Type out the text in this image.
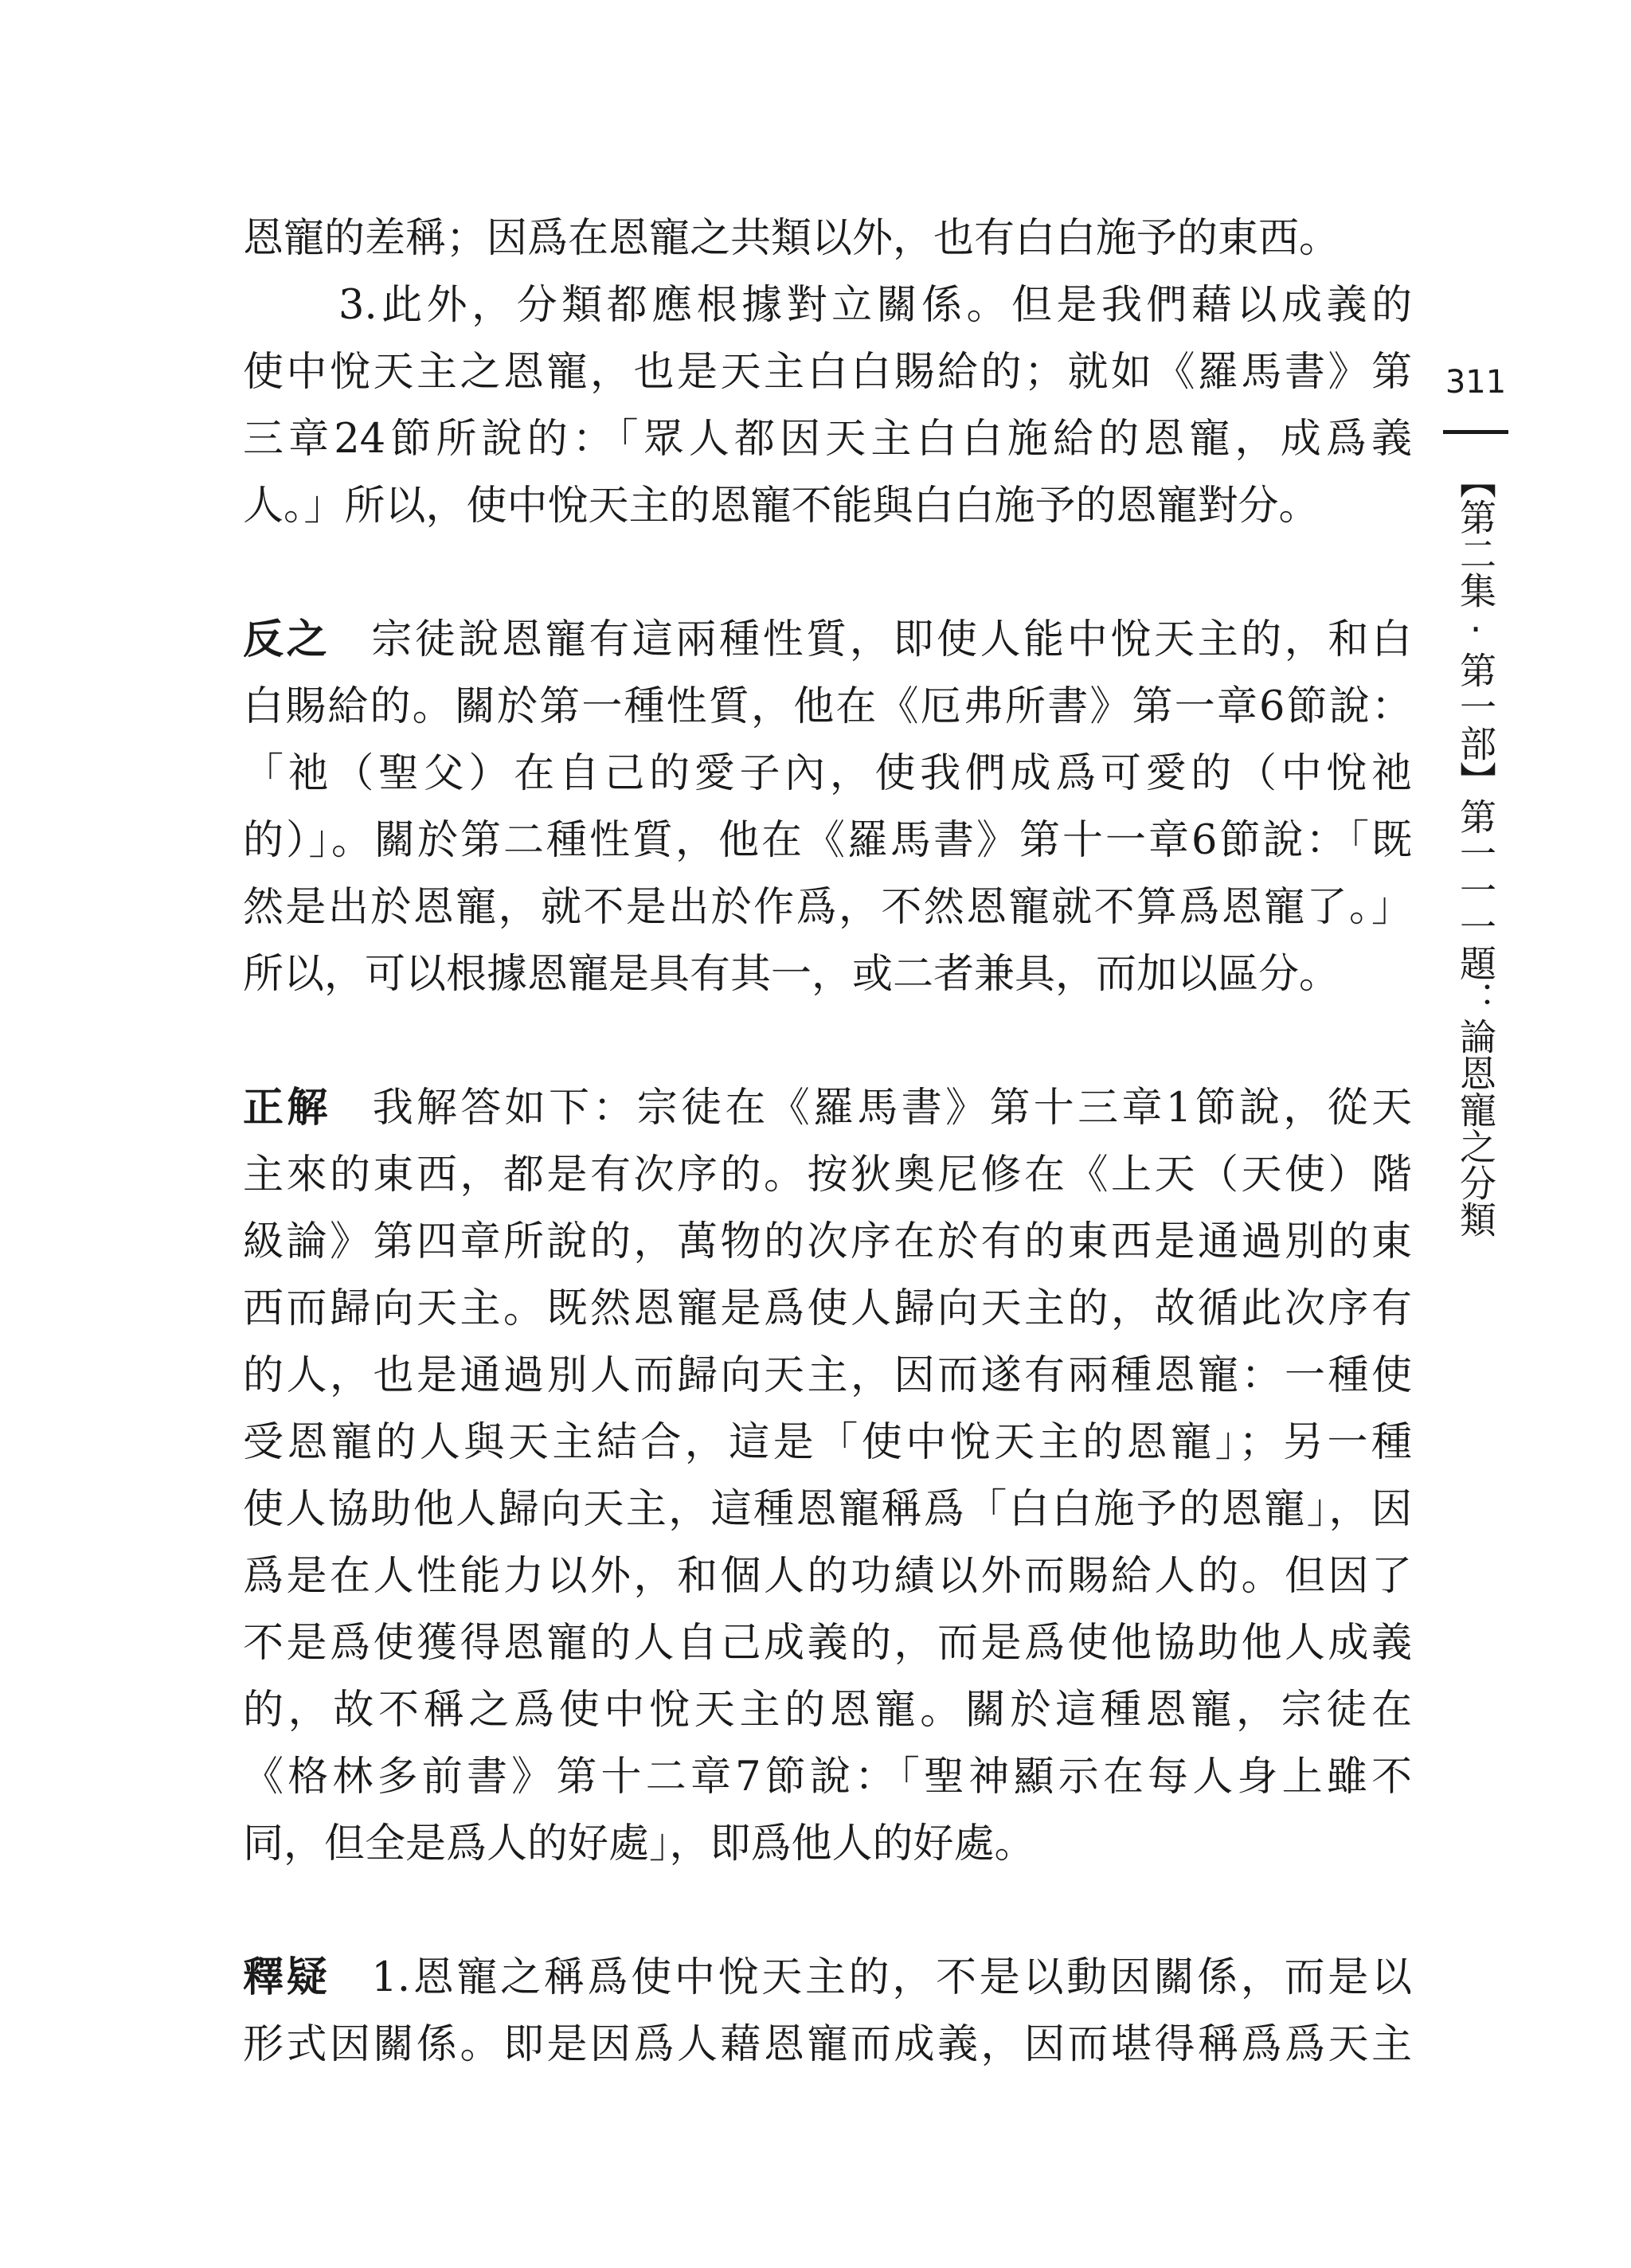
恩寵的差稱；因爲在恩寵之共類以外，也有白白施予的東西。
3.此外，分類都應根據對立關係。但是我們藉以成義的
使中悅天主之恩寵，也是天主白白賜給的；就如《羅馬書》第
三章24節所說的：「眾人都因天主白白施給的恩寵，成爲義
人。」所以，使中悅天主的恩寵不能與白白施予的恩寵對分。
反之 宗徒說恩寵有這兩種性質，即使人能中悅天主的，和白
白賜給的。關於第一種性質，他在《厄弗所書》第一章6節說：
「祂（聖父）在自己的愛子內，使我們成爲可愛的（中悅祂
的）」。關於第二種性質，他在《羅馬書》第十一章6節說：「既
然是出於恩寵，就不是出於作爲，不然恩寵就不算爲恩寵了。」
所以，可以根據恩寵是具有其一，或二者兼具，而加以區分。
正解 我解答如下：宗徒在《羅馬書》第十三章1節說，從天
主來的東西，都是有次序的。按狄奧尼修在《上天（天使）階
級論》第四章所說的，萬物的次序在於有的東西是通過別的東
西而歸向天主。既然恩寵是爲使人歸向天主的，故循此次序有
的人，也是通過別人而歸向天主，因而遂有兩種恩寵：一種使
受恩寵的人與天主結合，這是「使中悅天主的恩寵」；另一種
使人協助他人歸向天主，這種恩寵稱爲「白白施予的恩寵」，因
爲是在人性能力以外，和個人的功績以外而賜給人的。但因了
不是爲使獲得恩寵的人自己成義的，而是爲使他協助他人成義
的，故不稱之爲使中悅天主的恩寵。關於這種恩寵，宗徒在
《格林多前書》第十二章7節說：「聖神顯示在每人身上雖不
同，但全是爲人的好處」，即爲他人的好處。
釋疑 1.恩寵之稱爲使中悅天主的，不是以動因關係，而是以
形式因關係。即是因爲人藉恩寵而成義，因而堪得稱爲爲天主
311
【第二集‧第一部】第一一一題：論恩寵之分類
